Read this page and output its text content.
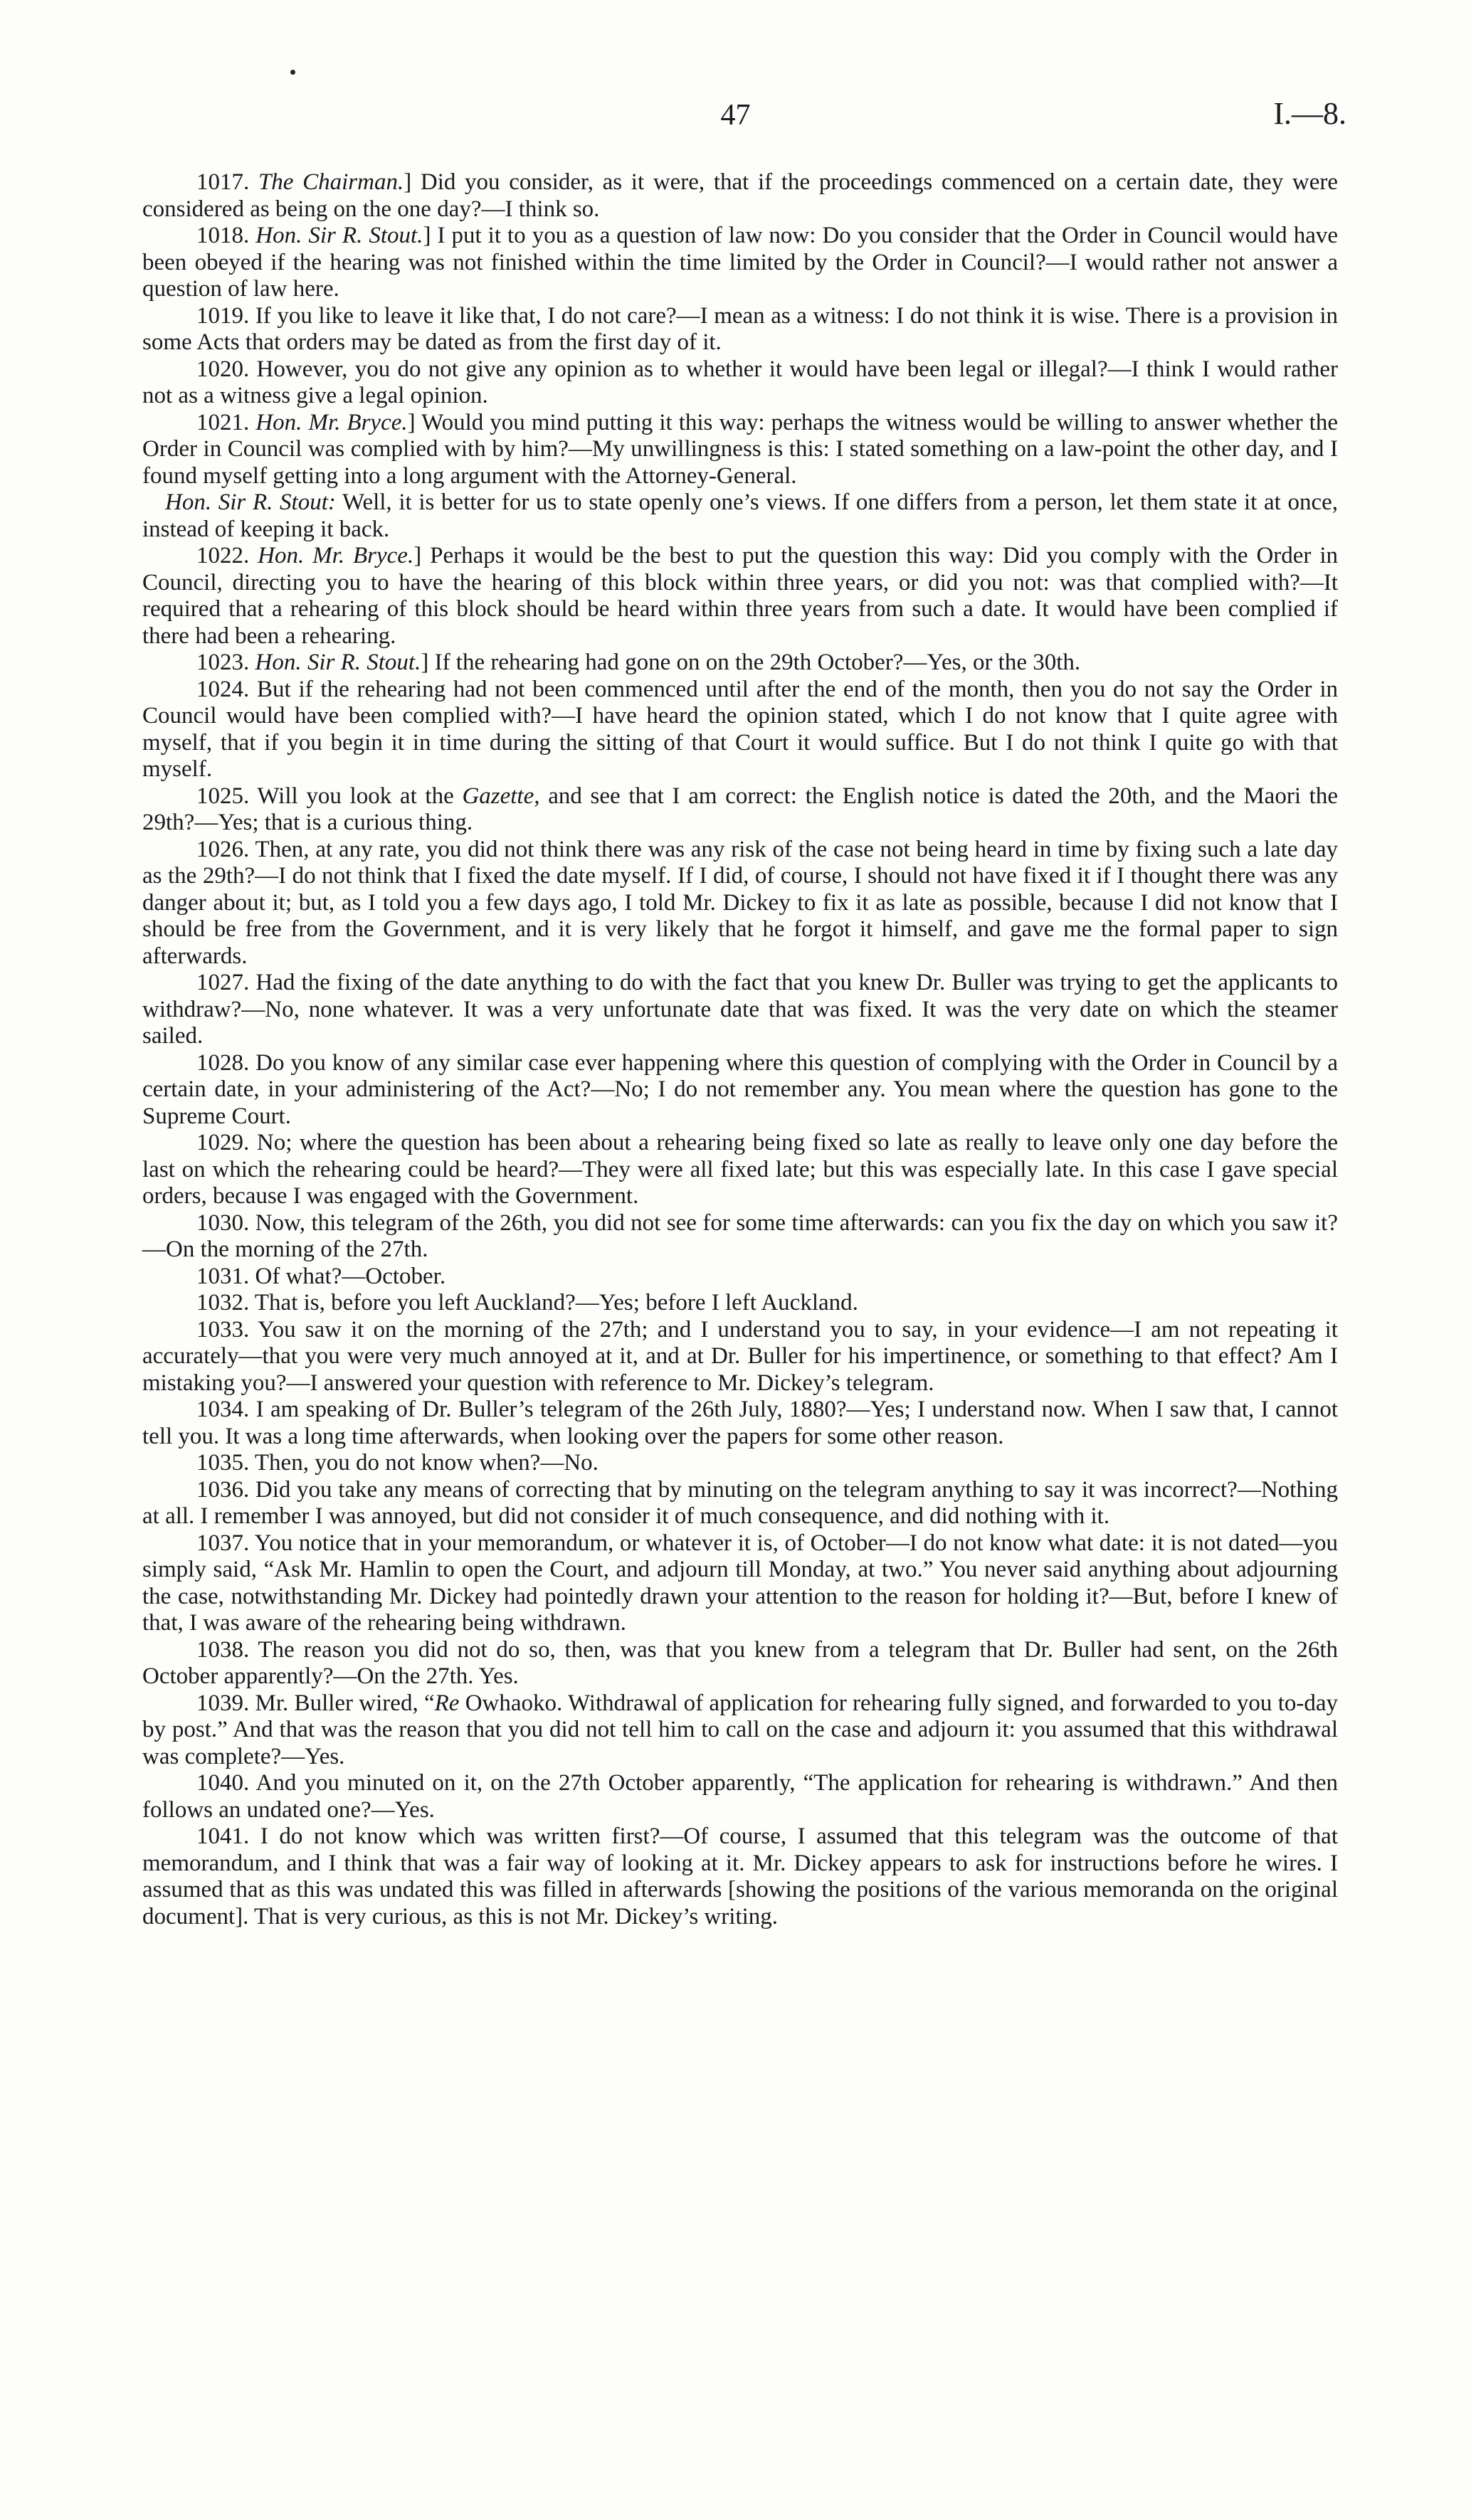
47	I.—8.

1017. The Chairman.] Did you consider, as it were, that if the proceedings commenced on a certain date, they were considered as being on the one day?—I think so.

1018. Hon. Sir R. Stout.] I put it to you as a question of law now: Do you consider that the Order in Council would have been obeyed if the hearing was not finished within the time limited by the Order in Council?—I would rather not answer a question of law here.

1019. If you like to leave it like that, I do not care?—I mean as a witness: I do not think it is wise. There is a provision in some Acts that orders may be dated as from the first day of it.

1020. However, you do not give any opinion as to whether it would have been legal or illegal?—I think I would rather not as a witness give a legal opinion.

1021. Hon. Mr. Bryce.] Would you mind putting it this way: perhaps the witness would be willing to answer whether the Order in Council was complied with by him?—My unwillingness is this: I stated something on a law-point the other day, and I found myself getting into a long argument with the Attorney-General.

Hon. Sir R. Stout: Well, it is better for us to state openly one’s views. If one differs from a person, let them state it at once, instead of keeping it back.

1022. Hon. Mr. Bryce.] Perhaps it would be the best to put the question this way: Did you comply with the Order in Council, directing you to have the hearing of this block within three years, or did you not: was that complied with?—It required that a rehearing of this block should be heard within three years from such a date. It would have been complied if there had been a rehearing.

1023. Hon. Sir R. Stout.] If the rehearing had gone on on the 29th October?—Yes, or the 30th.

1024. But if the rehearing had not been commenced until after the end of the month, then you do not say the Order in Council would have been complied with?—I have heard the opinion stated, which I do not know that I quite agree with myself, that if you begin it in time during the sitting of that Court it would suffice. But I do not think I quite go with that myself.

1025. Will you look at the Gazette, and see that I am correct: the English notice is dated the 20th, and the Maori the 29th?—Yes; that is a curious thing.

1026. Then, at any rate, you did not think there was any risk of the case not being heard in time by fixing such a late day as the 29th?—I do not think that I fixed the date myself. If I did, of course, I should not have fixed it if I thought there was any danger about it; but, as I told you a few days ago, I told Mr. Dickey to fix it as late as possible, because I did not know that I should be free from the Government, and it is very likely that he forgot it himself, and gave me the formal paper to sign afterwards.

1027. Had the fixing of the date anything to do with the fact that you knew Dr. Buller was trying to get the applicants to withdraw?—No, none whatever. It was a very unfortunate date that was fixed. It was the very date on which the steamer sailed.

1028. Do you know of any similar case ever happening where this question of complying with the Order in Council by a certain date, in your administering of the Act?—No; I do not remember any. You mean where the question has gone to the Supreme Court.

1029. No; where the question has been about a rehearing being fixed so late as really to leave only one day before the last on which the rehearing could be heard?—They were all fixed late; but this was especially late. In this case I gave special orders, because I was engaged with the Government.

1030. Now, this telegram of the 26th, you did not see for some time afterwards: can you fix the day on which you saw it?—On the morning of the 27th.

1031. Of what?—October.

1032. That is, before you left Auckland?—Yes; before I left Auckland.

1033. You saw it on the morning of the 27th; and I understand you to say, in your evidence—I am not repeating it accurately—that you were very much annoyed at it, and at Dr. Buller for his impertinence, or something to that effect? Am I mistaking you?—I answered your question with reference to Mr. Dickey’s telegram.

1034. I am speaking of Dr. Buller’s telegram of the 26th July, 1880?—Yes; I understand now. When I saw that, I cannot tell you. It was a long time afterwards, when looking over the papers for some other reason.

1035. Then, you do not know when?—No.

1036. Did you take any means of correcting that by minuting on the telegram anything to say it was incorrect?—Nothing at all. I remember I was annoyed, but did not consider it of much consequence, and did nothing with it.

1037. You notice that in your memorandum, or whatever it is, of October—I do not know what date: it is not dated—you simply said, “Ask Mr. Hamlin to open the Court, and adjourn till Monday, at two.” You never said anything about adjourning the case, notwithstanding Mr. Dickey had pointedly drawn your attention to the reason for holding it?—But, before I knew of that, I was aware of the rehearing being withdrawn.

1038. The reason you did not do so, then, was that you knew from a telegram that Dr. Buller had sent, on the 26th October apparently?—On the 27th. Yes.

1039. Mr. Buller wired, “Re Owhaoko. Withdrawal of application for rehearing fully signed, and forwarded to you to-day by post.” And that was the reason that you did not tell him to call on the case and adjourn it: you assumed that this withdrawal was complete?—Yes.

1040. And you minuted on it, on the 27th October apparently, “The application for rehearing is withdrawn.” And then follows an undated one?—Yes.

1041. I do not know which was written first?—Of course, I assumed that this telegram was the outcome of that memorandum, and I think that was a fair way of looking at it. Mr. Dickey appears to ask for instructions before he wires. I assumed that as this was undated this was filled in afterwards [showing the positions of the various memoranda on the original document]. That is very curious, as this is not Mr. Dickey’s writing.
